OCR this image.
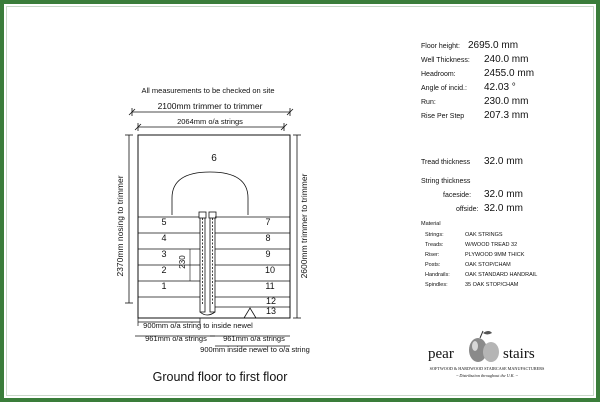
All measurements to be checked on site
2100mm trimmer to trimmer
2064mm o/a strings
6
5
4
3
2
1
230
7
8
9
10
11
12
13
2370mm nosing to trimmer	2600mm trimmer to trimmer
900mm o/a string to inside newel
961mm o/a strings 961mm o/a strings
900mm inside newel to o/a string
Ground floor to first floor
Floor height: 2695.0 mm
Well Thickness: 240.0 mm
Headroom:	2455.0 mm
Angle of incid.: 42.03 °
Run:	230.0 mm
Rise Per Step 207.3 mm
Tread thickness 32.0 mm
String thickness
faceside: 32.0 mm
offside: 32.0 mm
Material
Strings:	OAK STRINGS
Treads:	W/WOOD TREAD 32
Riser:	PLYWOOD 9MM THICK
Posts:	OAK STOP/CHAM
Handrails:	OAK STANDARD HANDRAIL
Spindles:	35 OAK STOP/CHAM
pear	stairs
SOFTWOOD & HARDWOOD STAIRCASE MANUFACTURERS
~ Distribution throughout the U.K. ~
